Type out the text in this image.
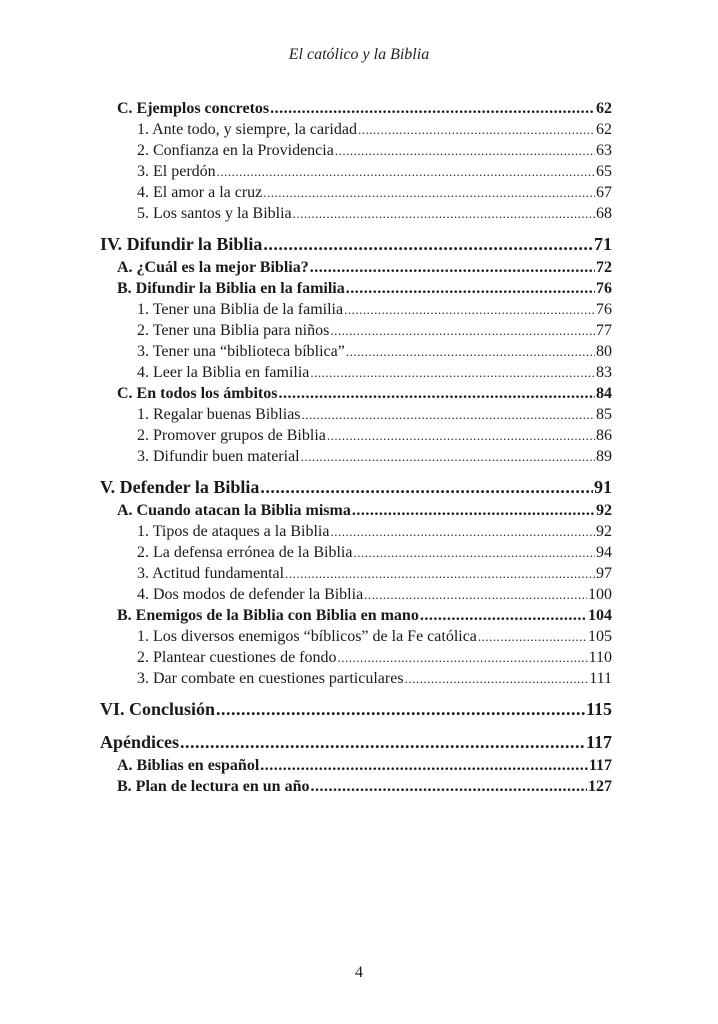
El católico y la Biblia
C. Ejemplos concretos .....	62
1. Ante todo, y siempre, la caridad .....	62
2. Confianza en la Providencia .....	63
3. El perdón .....	65
4. El amor a la cruz .....	67
5. Los santos y la Biblia .....	68
IV. Difundir la Biblia .....	71
A. ¿Cuál es la mejor Biblia? .....	72
B. Difundir la Biblia en la familia .....	76
1. Tener una Biblia de la familia .....	76
2. Tener una Biblia para niños .....	77
3. Tener una “biblioteca bíblica” .....	80
4. Leer la Biblia en familia .....	83
C. En todos los ámbitos .....	84
1. Regalar buenas Biblias .....	85
2. Promover grupos de Biblia .....	86
3. Difundir buen material .....	89
V. Defender la Biblia .....	91
A. Cuando atacan la Biblia misma .....	92
1. Tipos de ataques a la Biblia .....	92
2. La defensa errónea de la Biblia .....	94
3. Actitud fundamental .....	97
4. Dos modos de defender la Biblia .....	100
B. Enemigos de la Biblia con Biblia en mano .....	104
1. Los diversos enemigos “bíblicos” de la Fe católica .....	105
2. Plantear cuestiones de fondo .....	110
3. Dar combate en cuestiones particulares .....	111
VI. Conclusión .....	115
Apéndices .....	117
A. Biblias en español .....	117
B. Plan de lectura en un año .....	127
4
